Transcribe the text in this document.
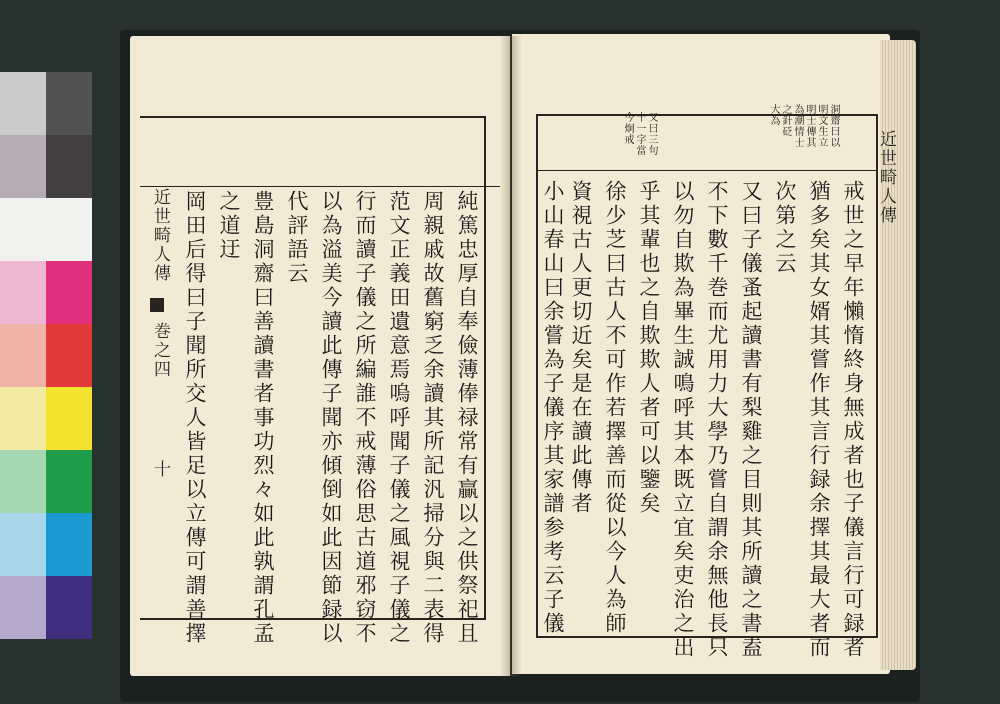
大為 之針砭 為潮情士 明士傳其 明文生立 洞齋曰以
今炯戒 十一字當 又曰三句	近世畸人傳
戒世之早年懶惰終身無成者也子儀言行可録者
猶多矣其女婿其嘗作其言行録余擇其最大者而
次第之云
又曰子儀蚤起讀書有梨雞之目則其所讀之書盍
不下數千巻而尤用力大學乃嘗自謂余無他長只
以勿自欺為畢生誠鳴呼其本既立宜矣吏治之出
乎其輩也之自欺欺人者可以鑒矣
徐少芝曰古人不可作若擇善而從以今人為師
資視古人更切近矣是在讀此傳者
小山春山曰余嘗為子儀序其家譜参考云子儀
近世畸人傳
巻之四
十	純篤忠厚自奉儉薄俸禄常有贏以之供祭祀且
周親戚故舊窮乏余讀其所記汎掃分與二表得
范文正義田遺意焉嗚呼聞子儀之風視子儀之
行而讀子儀之所編誰不戒薄俗思古道邪窃不
以為溢美今讀此傳子聞亦傾倒如此因節録以
代評語云
豊島洞齋曰善讀書者事功烈々如此孰謂孔孟
之道迂
岡田后得曰子聞所交人皆足以立傳可謂善擇
